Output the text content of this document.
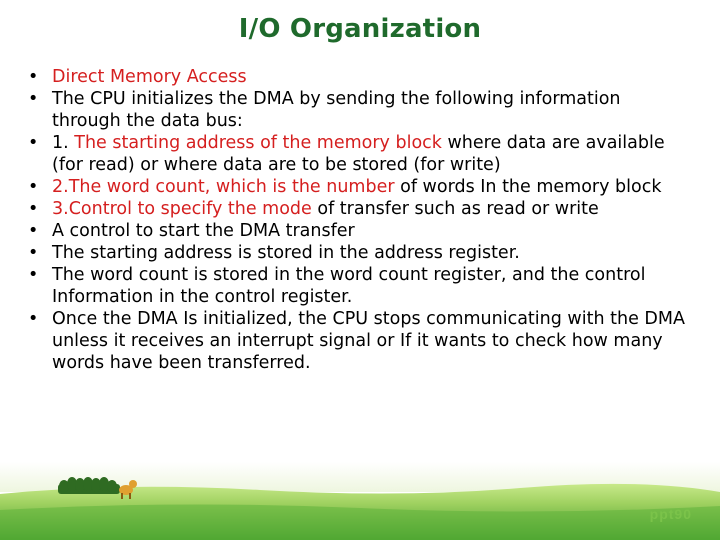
I/O Organization
• Direct Memory Access
• The CPU initializes the DMA by sending the following information through the data bus:
• 1. The starting address of the memory block where data are available (for read) or where data are to be stored (for write)
• 2.The word count, which is the number of words In the memory block
• 3.Control to specify the mode of transfer such as read or write
• A control to start the DMA transfer
• The starting address is stored in the address register.
• The word count is stored in the word count register, and the control Information in the control register.
• Once the DMA Is initialized, the CPU stops communicating with the DMA unless it receives an interrupt signal or If it wants to check how many words have been transferred.
ppt90
